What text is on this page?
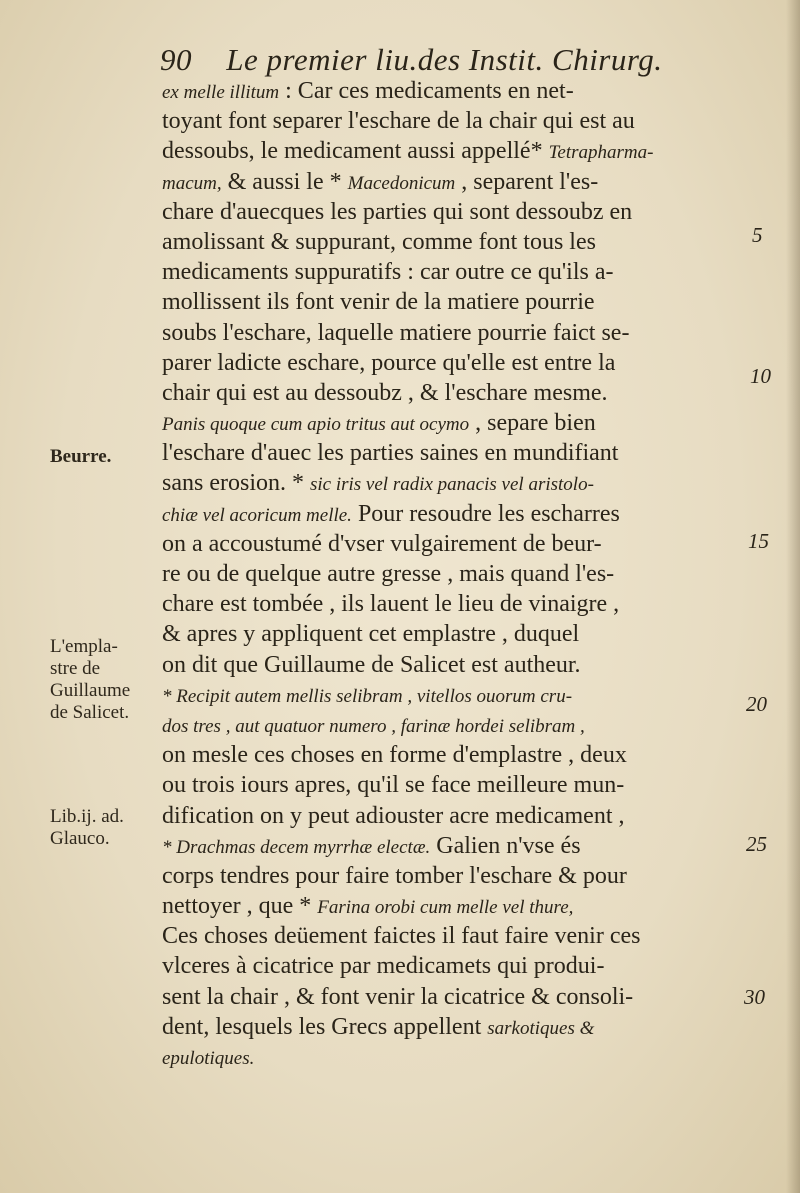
90 Le premier liu.des Instit. Chirurg.
ex melle illitum : Car ces medicaments en net-
toyant font separer l'eschare de la chair qui est au
dessoubs, le medicament aussi appellé* Tetrapharma-
macum, & aussi le * Macedonicum , separent l'es-
chare d'auecques les parties qui sont dessoubz en
amolissant & suppurant, comme font tous les
medicaments suppuratifs : car outre ce qu'ils a-
mollissent ils font venir de la matiere pourrie
soubs l'eschare, laquelle matiere pourrie faict se-
parer ladicte eschare, pource qu'elle est entre la
chair qui est au dessoubz , & l'eschare mesme.
Panis quoque cum apio tritus aut ocymo , separe bien
l'eschare d'auec les parties saines en mundifiant
sans erosion. * sic iris vel radix panacis vel aristolo-
chiæ vel acoricum melle. Pour resoudre les escharres
on a accoustumé d'vser vulgairement de beur-
re ou de quelque autre gresse , mais quand l'es-
chare est tombée , ils lauent le lieu de vinaigre ,
& apres y appliquent cet emplastre , duquel
on dit que Guillaume de Salicet est autheur.
* Recipit autem mellis selibram , vitellos ouorum cru-
dos tres , aut quatuor numero , farinæ hordei selibram ,
on mesle ces choses en forme d'emplastre , deux
ou trois iours apres, qu'il se face meilleure mun-
dification on y peut adiouster acre medicament ,
* Drachmas decem myrrhæ electæ. Galien n'vse és
corps tendres pour faire tomber l'eschare & pour
nettoyer , que * Farina orobi cum melle vel thure,
Ces choses deüement faictes il faut faire venir ces
vlceres à cicatrice par medicamets qui produi-
sent la chair , & font venir la cicatrice & consoli-
dent, lesquels les Grecs appellent sarkotiques &
epulotiques.
5
10
15
20
25
30
Beurre.
L'empla-
stre de
Guillaume
de Salicet.
Lib.ij. ad.
Glauco.
